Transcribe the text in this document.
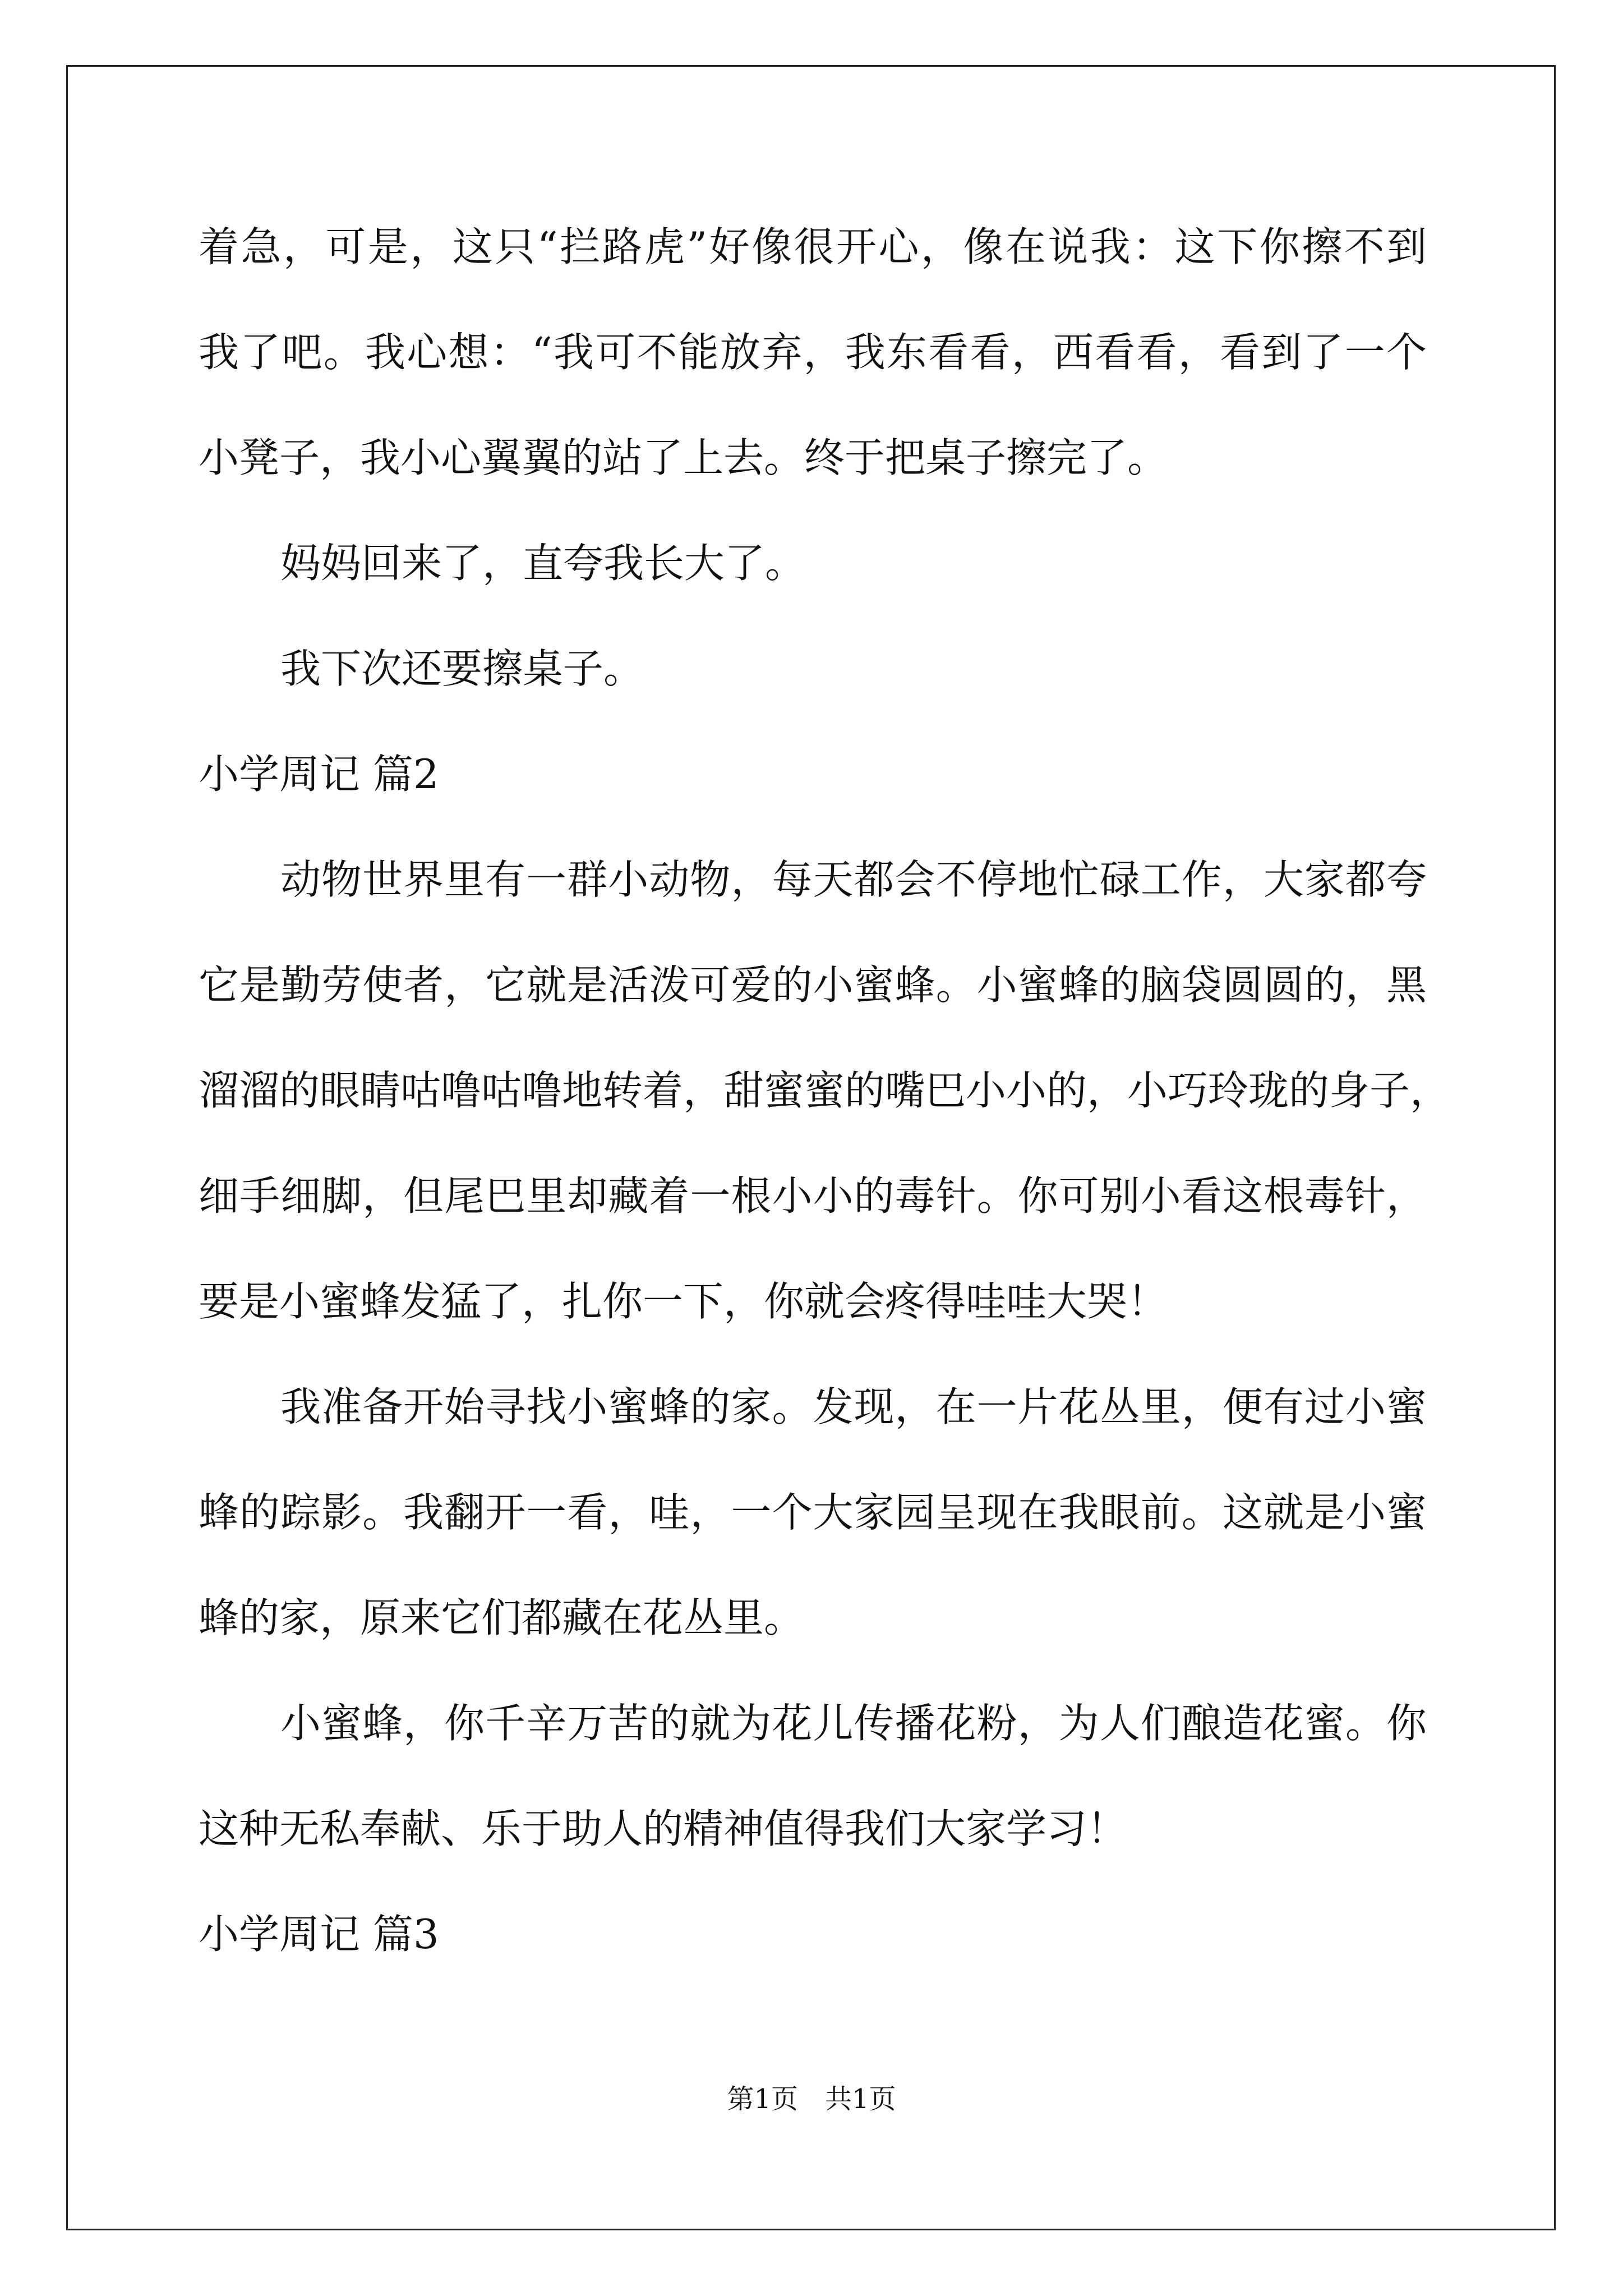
着急，可是，这只“拦路虎”好像很开心，像在说我：这下你擦不到
我了吧。我心想：“我可不能放弃，我东看看，西看看，看到了一个
小凳子，我小心翼翼的站了上去。终于把桌子擦完了。
妈妈回来了，直夸我长大了。
我下次还要擦桌子。
小学周记 篇2
动物世界里有一群小动物，每天都会不停地忙碌工作，大家都夸
它是勤劳使者，它就是活泼可爱的小蜜蜂。小蜜蜂的脑袋圆圆的，黑
溜溜的眼睛咕噜咕噜地转着，甜蜜蜜的嘴巴小小的，小巧玲珑的身子，
细手细脚，但尾巴里却藏着一根小小的毒针。你可别小看这根毒针，
要是小蜜蜂发猛了，扎你一下，你就会疼得哇哇大哭！
我准备开始寻找小蜜蜂的家。发现，在一片花丛里，便有过小蜜
蜂的踪影。我翻开一看，哇，一个大家园呈现在我眼前。这就是小蜜
蜂的家，原来它们都藏在花丛里。
小蜜蜂，你千辛万苦的就为花儿传播花粉，为人们酿造花蜜。你
这种无私奉献、乐于助人的精神值得我们大家学习！
小学周记 篇3
第1页　共1页
